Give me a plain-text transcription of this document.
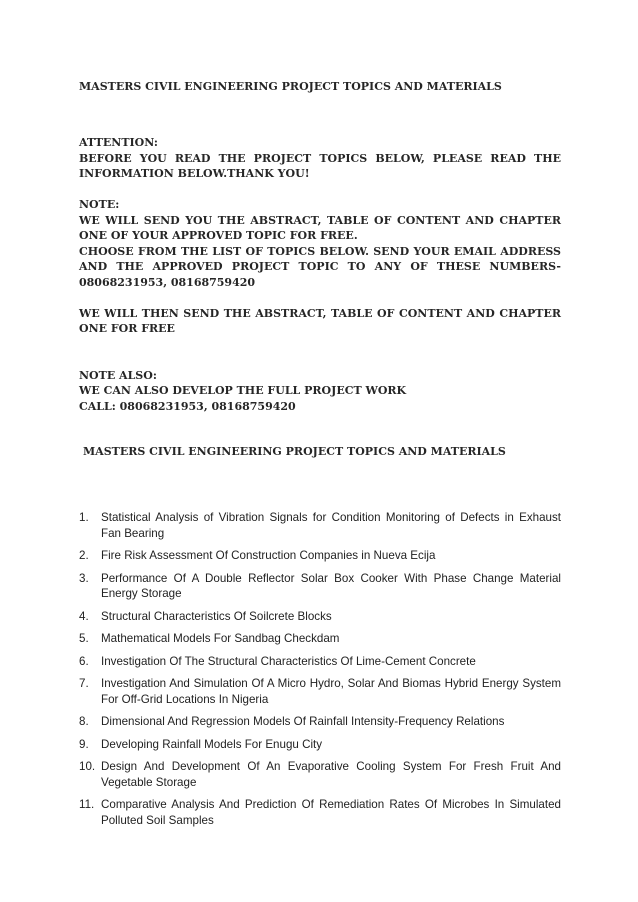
MASTERS CIVIL ENGINEERING PROJECT TOPICS AND MATERIALS

ATTENTION:

BEFORE YOU READ THE PROJECT TOPICS BELOW, PLEASE READ THE INFORMATION BELOW.THANK YOU!

NOTE:

WE WILL SEND YOU THE ABSTRACT, TABLE OF CONTENT AND CHAPTER ONE OF YOUR APPROVED TOPIC FOR FREE.

CHOOSE FROM THE LIST OF TOPICS BELOW. SEND YOUR EMAIL ADDRESS AND THE APPROVED PROJECT TOPIC TO ANY OF THESE NUMBERS-08068231953, 08168759420

WE WILL THEN SEND THE ABSTRACT, TABLE OF CONTENT AND CHAPTER ONE FOR FREE

NOTE ALSO:

WE CAN ALSO DEVELOP THE FULL PROJECT WORK

CALL: 08068231953, 08168759420

MASTERS CIVIL ENGINEERING PROJECT TOPICS AND MATERIALS
1.	Statistical Analysis of Vibration Signals for Condition Monitoring of Defects in Exhaust Fan Bearing
2.	Fire Risk Assessment Of Construction Companies in Nueva Ecija
3.	Performance Of A Double Reflector Solar Box Cooker With Phase Change Material Energy Storage
4.	Structural Characteristics Of Soilcrete Blocks
5.	Mathematical Models For Sandbag Checkdam
6.	Investigation Of The Structural Characteristics Of Lime-Cement Concrete
7.	Investigation And Simulation Of A Micro Hydro, Solar And Biomas Hybrid Energy System For Off-Grid Locations In Nigeria
8.	Dimensional And Regression Models Of Rainfall Intensity-Frequency Relations
9.	Developing Rainfall Models For Enugu City
10. Design And Development Of An Evaporative Cooling System For Fresh Fruit And Vegetable Storage
11. Comparative Analysis And Prediction Of Remediation Rates Of Microbes In Simulated Polluted Soil Samples
